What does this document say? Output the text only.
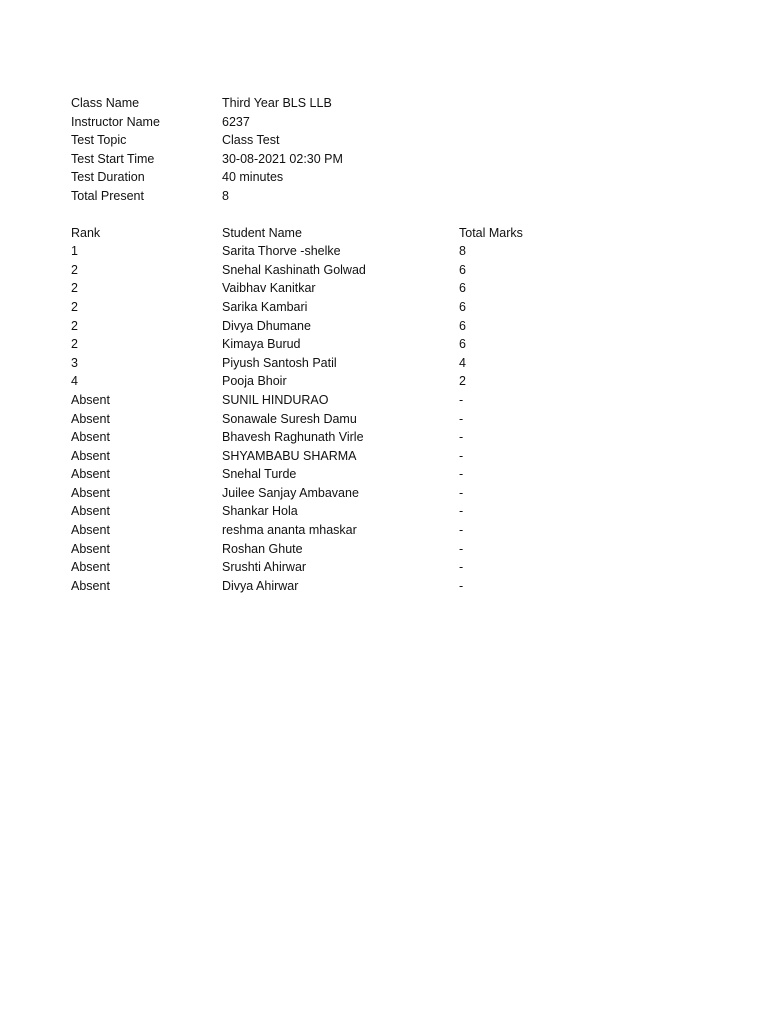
Class Name	Third Year BLS LLB
Instructor Name	6237
Test Topic	Class Test
Test Start Time	30-08-2021 02:30 PM
Test Duration	40 minutes
Total Present	8
Rank	Student Name	Total Marks
1	Sarita Thorve -shelke	8
2	Snehal Kashinath Golwad	6
2	Vaibhav Kanitkar	6
2	Sarika Kambari	6
2	Divya Dhumane	6
2	Kimaya Burud	6
3	Piyush Santosh Patil	4
4	Pooja Bhoir	2
Absent	SUNIL HINDURAO	-
Absent	Sonawale Suresh Damu	-
Absent	Bhavesh Raghunath Virle	-
Absent	SHYAMBABU SHARMA	-
Absent	Snehal Turde	-
Absent	Juilee Sanjay Ambavane	-
Absent	Shankar Hola	-
Absent	reshma ananta mhaskar	-
Absent	Roshan Ghute	-
Absent	Srushti Ahirwar	-
Absent	Divya Ahirwar	-
